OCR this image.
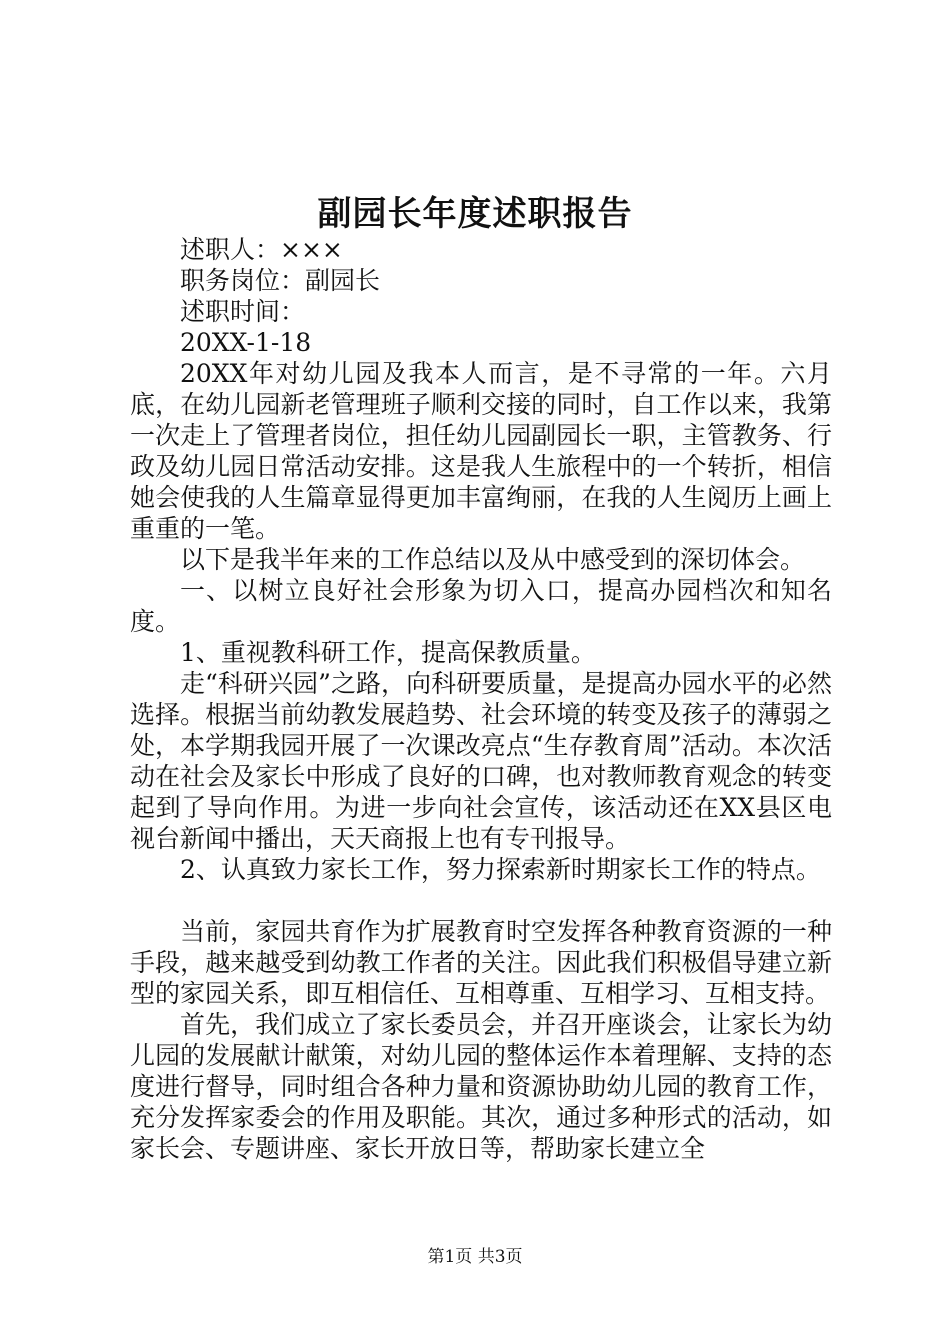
副园长年度述职报告

述职人：×××

职务岗位：副园长

述职时间：

20XX-1-18

20XX年对幼儿园及我本人而言，是不寻常的一年。六月底，在幼儿园新老管理班子顺利交接的同时，自工作以来，我第一次走上了管理者岗位，担任幼儿园副园长一职，主管教务、行政及幼儿园日常活动安排。这是我人生旅程中的一个转折，相信她会使我的人生篇章显得更加丰富绚丽，在我的人生阅历上画上重重的一笔。

以下是我半年来的工作总结以及从中感受到的深切体会。

一、以树立良好社会形象为切入口，提高办园档次和知名度。

1、重视教科研工作，提高保教质量。

走“科研兴园”之路，向科研要质量，是提高办园水平的必然选择。根据当前幼教发展趋势、社会环境的转变及孩子的薄弱之处，本学期我园开展了一次课改亮点“生存教育周”活动。本次活动在社会及家长中形成了良好的口碑，也对教师教育观念的转变起到了导向作用。为进一步向社会宣传，该活动还在XX县区电视台新闻中播出，天天商报上也有专刊报导。

2、认真致力家长工作，努力探索新时期家长工作的特点。

当前，家园共育作为扩展教育时空发挥各种教育资源的一种手段，越来越受到幼教工作者的关注。因此我们积极倡导建立新型的家园关系，即互相信任、互相尊重、互相学习、互相支持。

首先，我们成立了家长委员会，并召开座谈会，让家长为幼儿园的发展献计献策，对幼儿园的整体运作本着理解、支持的态度进行督导，同时组合各种力量和资源协助幼儿园的教育工作，充分发挥家委会的作用及职能。其次，通过多种形式的活动，如家长会、专题讲座、家长开放日等，帮助家长建立全

第1页 共3页
